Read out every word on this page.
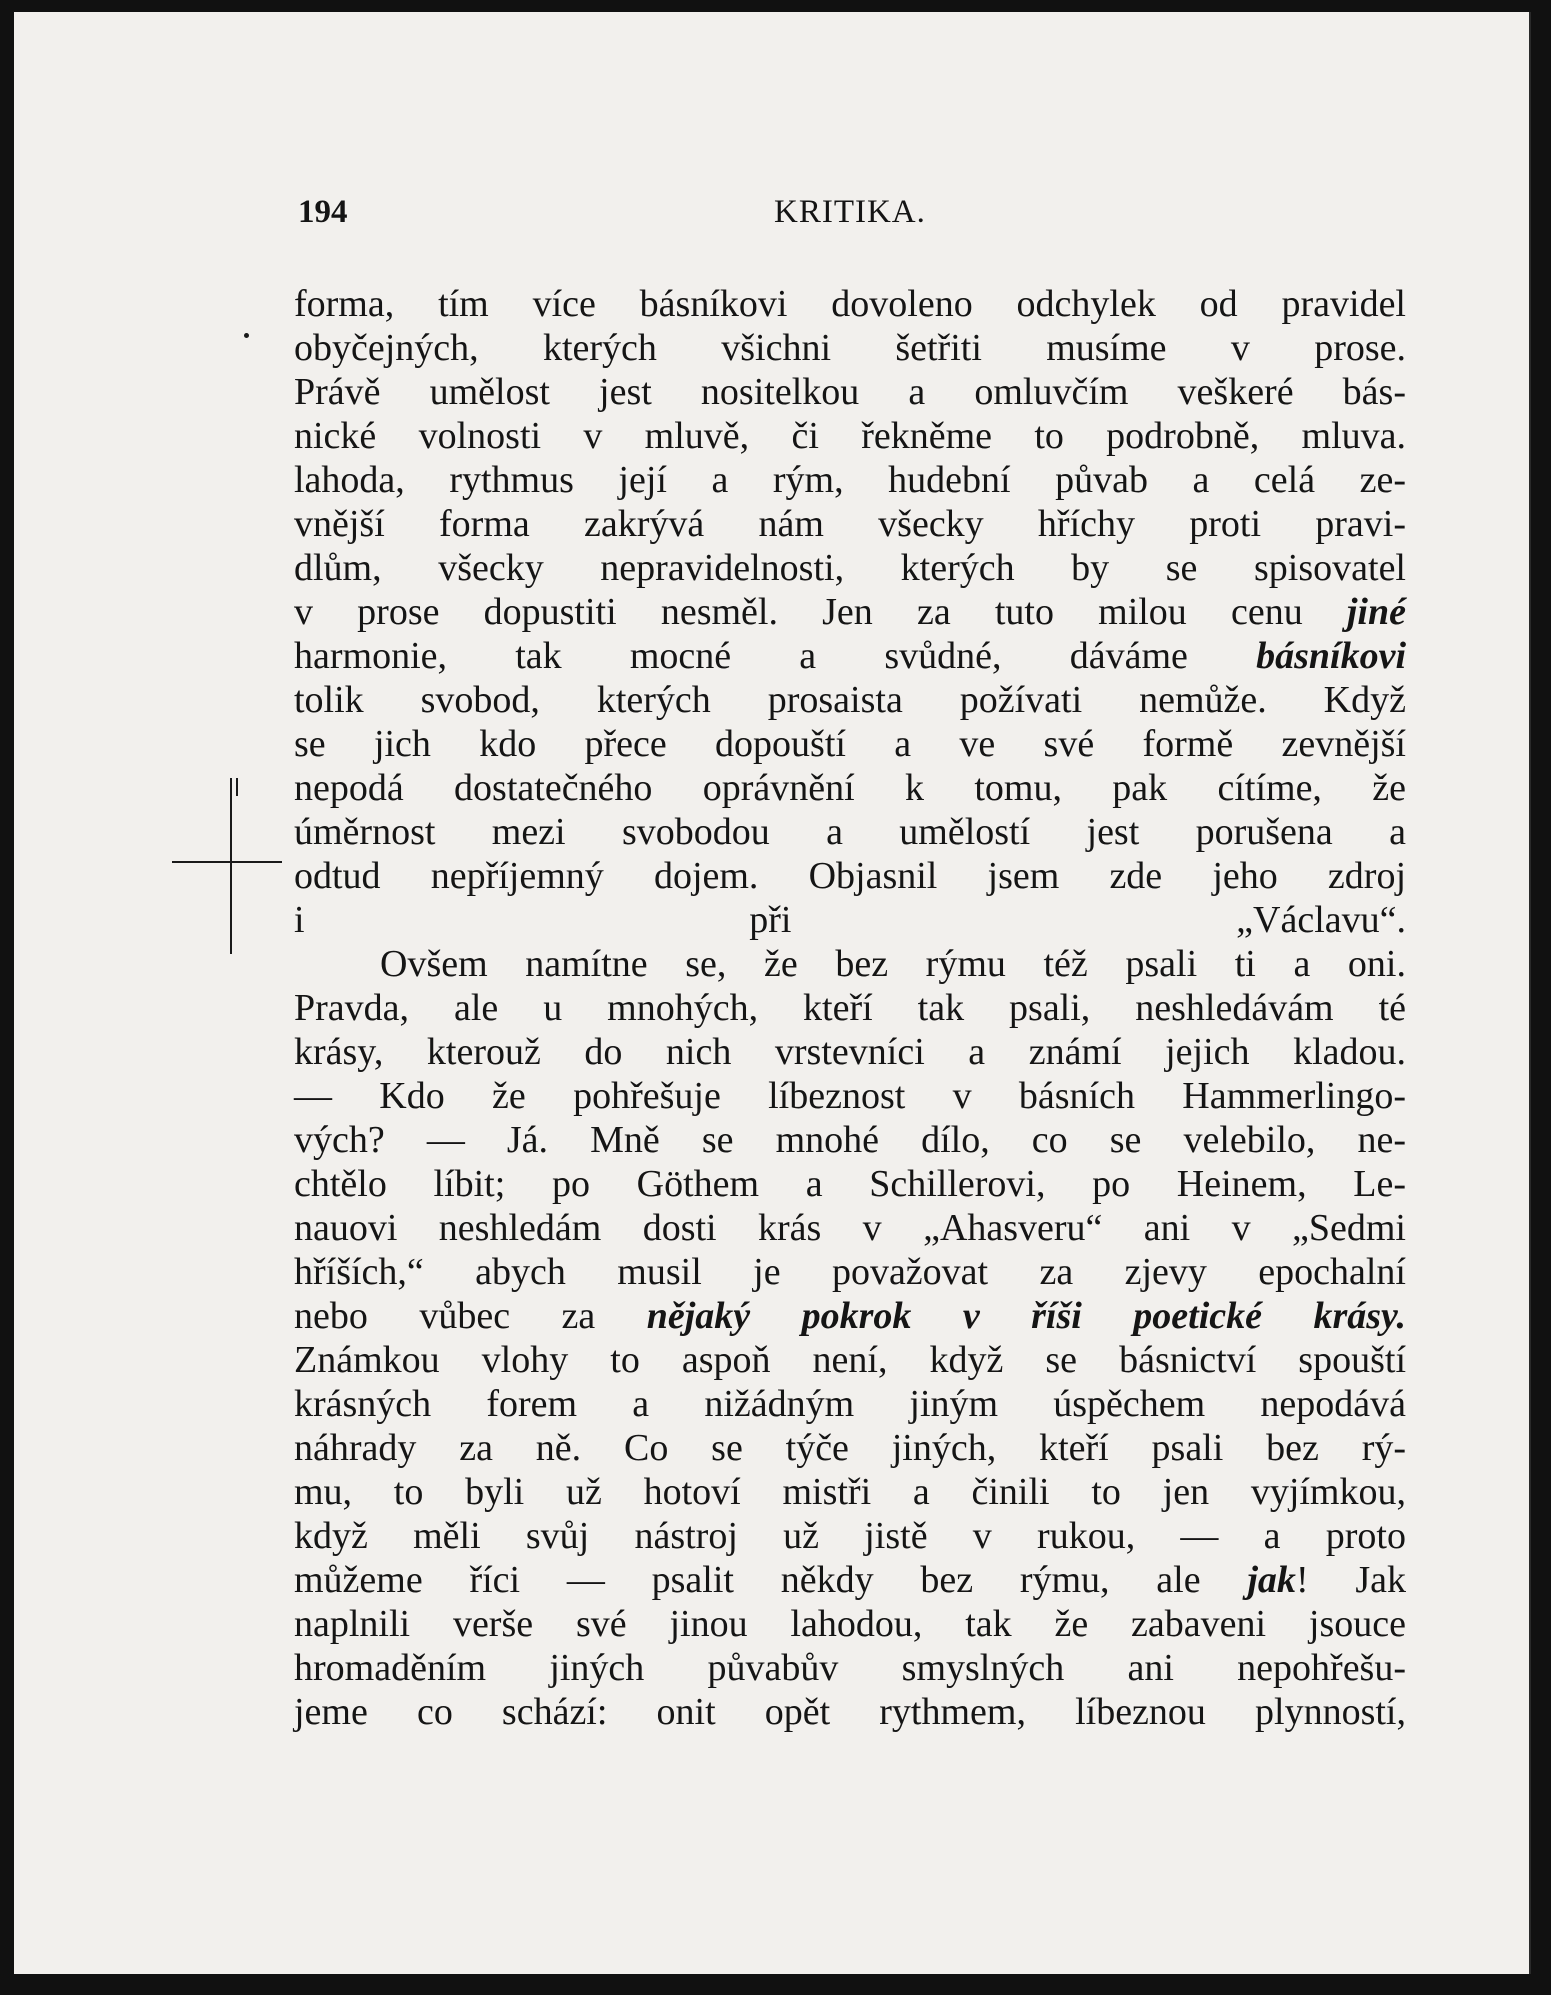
194	KRITIKA.
forma, tím více básníkovi dovoleno odchylek od pravidel
obyčejných, kterých všichni šetřiti musíme v prose.
Právě umělost jest nositelkou a omluvčím veškeré bás-
nické volnosti v mluvě, či řekněme to podrobně, mluva.
lahoda, rythmus její a rým, hudební půvab a celá ze-
vnější forma zakrývá nám všecky hříchy proti pravi-
dlům, všecky nepravidelnosti, kterých by se spisovatel
v prose dopustiti nesměl. Jen za tuto milou cenu jiné
harmonie, tak mocné a svůdné, dáváme básníkovi
tolik svobod, kterých prosaista požívati nemůže. Když
se jich kdo přece dopouští a ve své formě zevnější
nepodá dostatečného oprávnění k tomu, pak cítíme, že
úměrnost mezi svobodou a umělostí jest porušena a
odtud nepříjemný dojem. Objasnil jsem zde jeho zdroj
i při „Václavu“.
Ovšem namítne se, že bez rýmu též psali ti a oni.
Pravda, ale u mnohých, kteří tak psali, neshledávám té
krásy, kterouž do nich vrstevníci a známí jejich kladou.
— Kdo že pohřešuje líbeznost v básních Hammerlingo-
vých? — Já. Mně se mnohé dílo, co se velebilo, ne-
chtělo líbit; po Göthem a Schillerovi, po Heinem, Le-
nauovi neshledám dosti krás v „Ahasveru“ ani v „Sedmi
hříších,“ abych musil je považovat za zjevy epochalní
nebo vůbec za nějaký pokrok v říši poetické krásy.
Známkou vlohy to aspoň není, když se básnictví spouští
krásných forem a nižádným jiným úspěchem nepodává
náhrady za ně. Co se týče jiných, kteří psali bez rý-
mu, to byli už hotoví mistři a činili to jen vyjímkou,
když měli svůj nástroj už jistě v rukou, — a proto
můžeme říci — psalit někdy bez rýmu, ale jak! Jak
naplnili verše své jinou lahodou, tak že zabaveni jsouce
hromaděním jiných půvabův smyslných ani nepohřešu-
jeme co schází: onit opět rythmem, líbeznou plynností,
